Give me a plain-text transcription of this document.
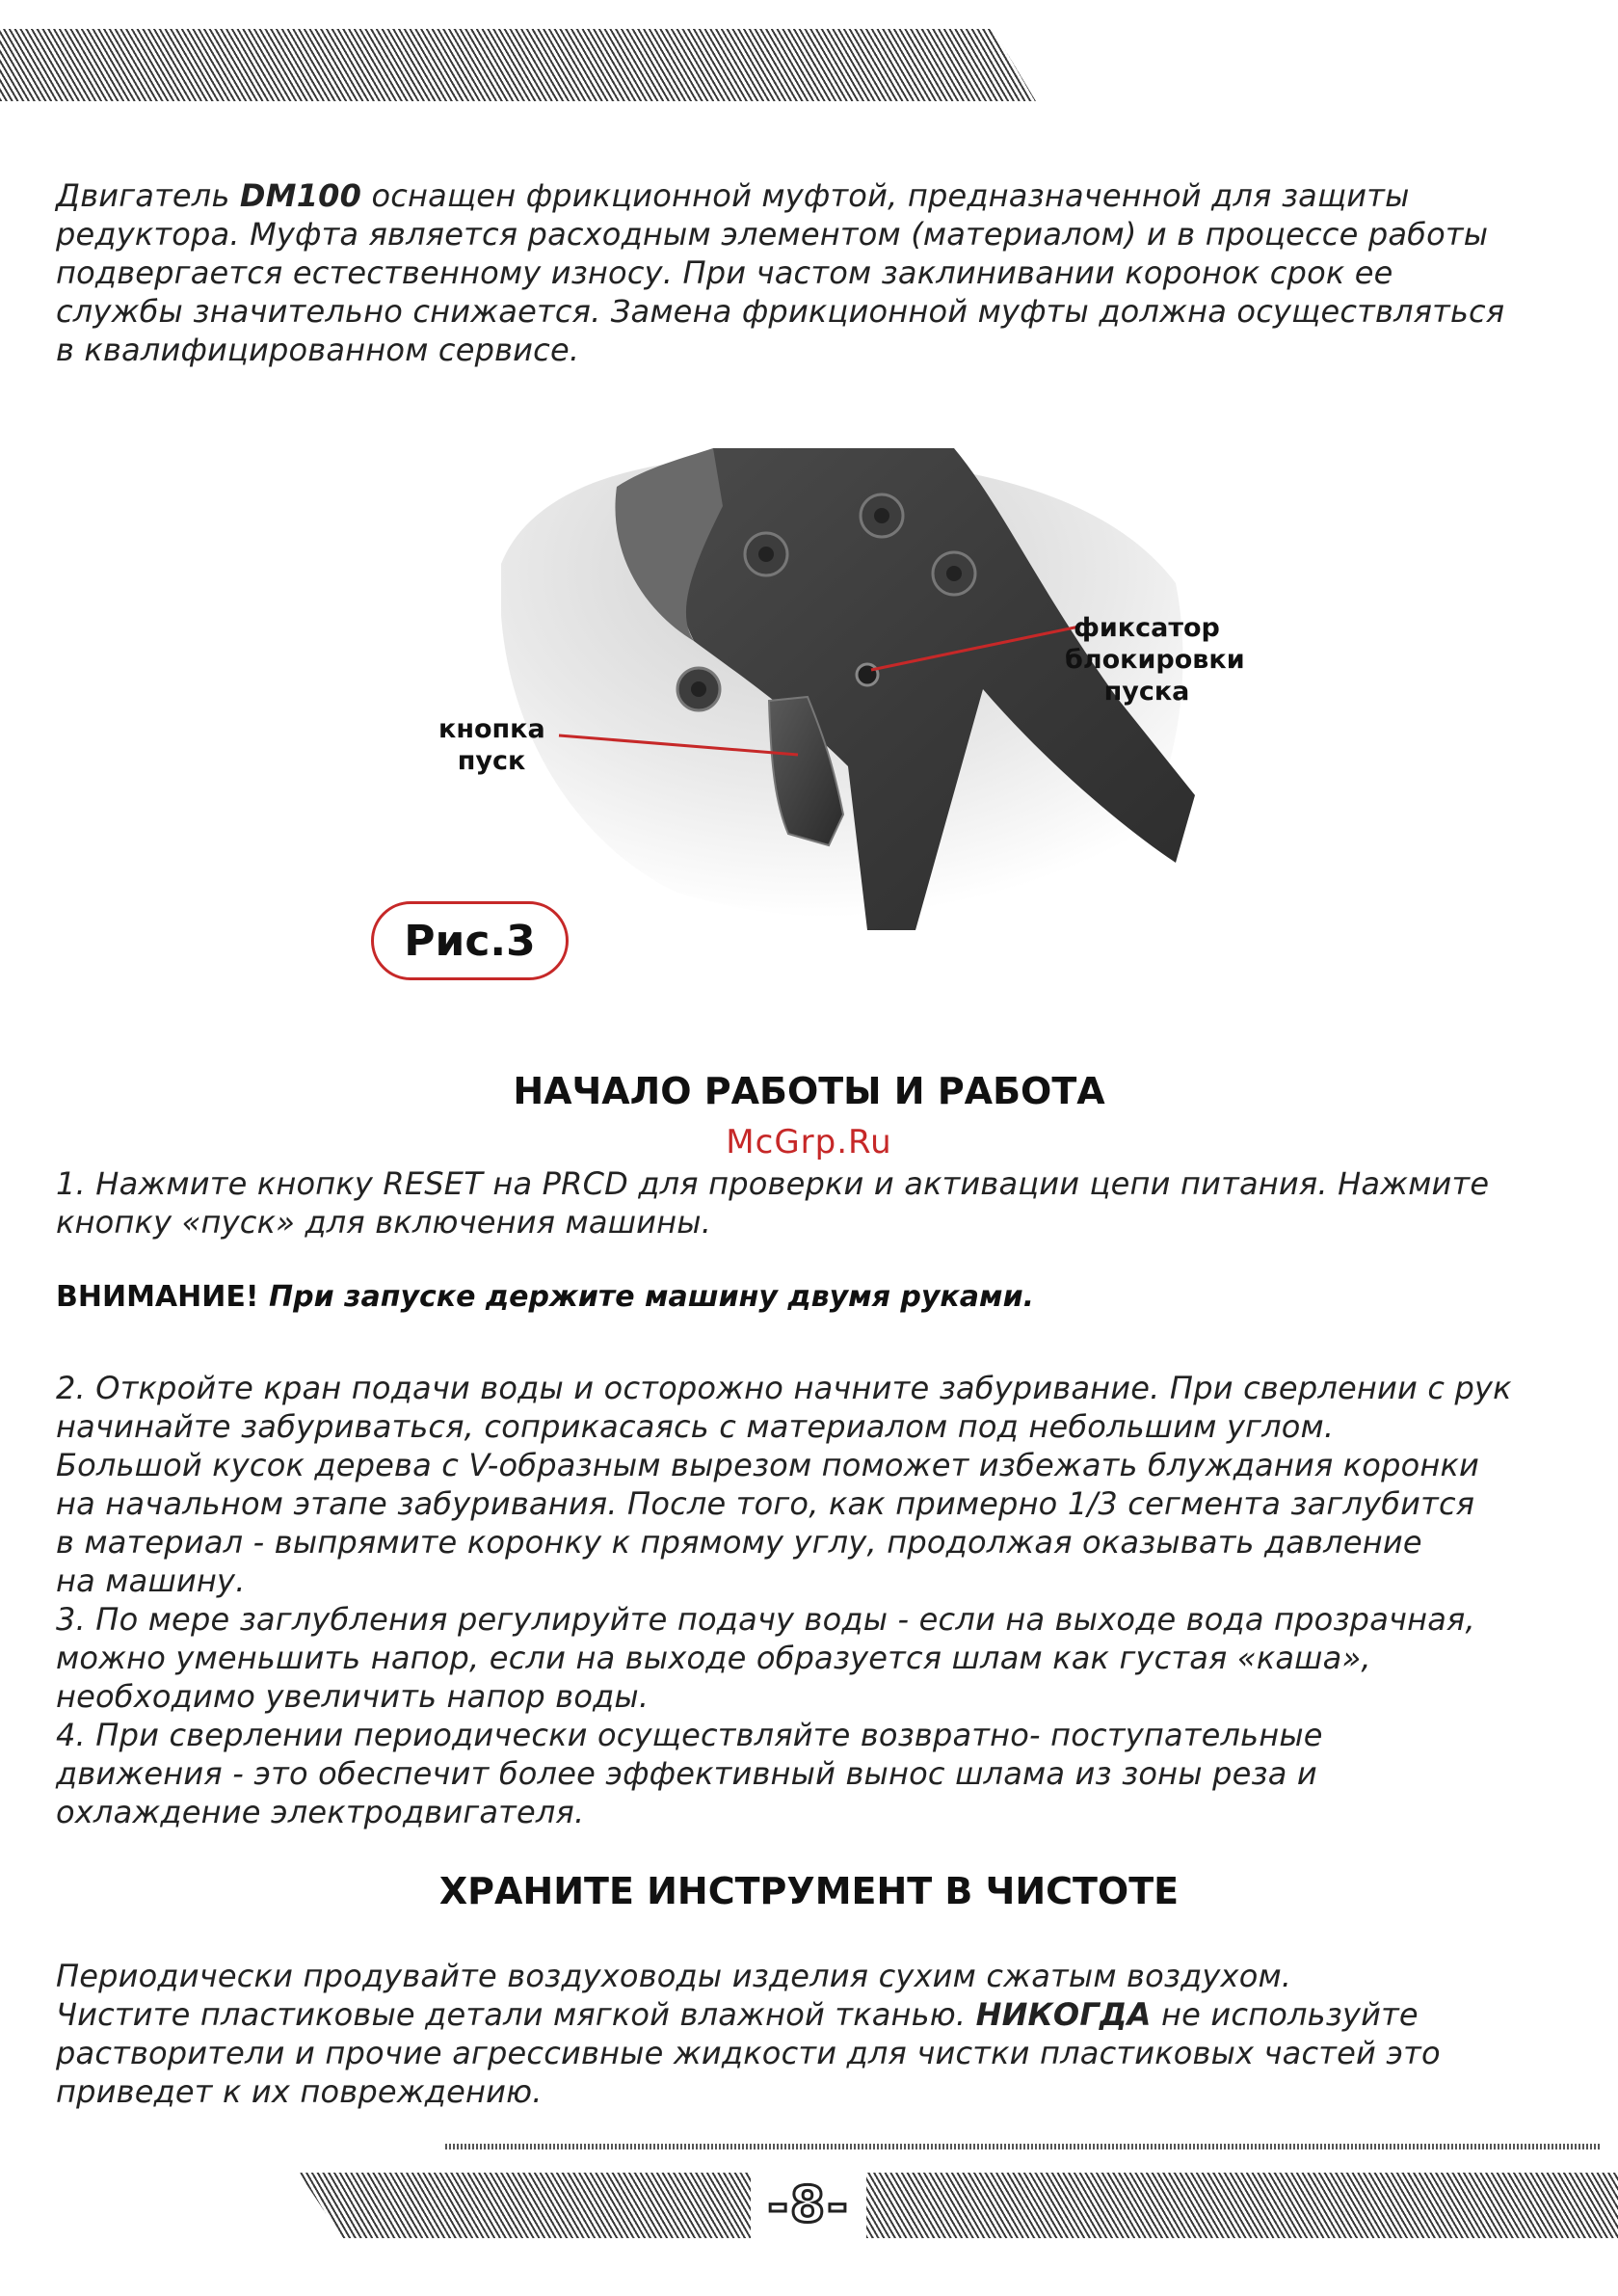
Двигатель DM100 оснащен фрикционной муфтой, предназначенной для защиты
редуктора. Муфта является расходным элементом (материалом) и в процессе работы
подвергается естественному износу. При частом заклинивании коронок срок ее
службы значительно снижается. Замена фрикционной муфты должна осуществляться
в квалифицированном сервисе.
кнопка
пуск
фиксатор
блокировки
пуска
Рис.3
НАЧАЛО РАБОТЫ И РАБОТА
McGrp.Ru
1. Нажмите кнопку RESET на PRCD для проверки и активации цепи питания. Нажмите
кнопку «пуск» для включения машины.
ВНИМАНИЕ! При запуске держите машину двумя руками.
2. Откройте кран подачи воды и осторожно начните забуривание. При сверлении с рук
начинайте забуриваться, соприкасаясь с материалом под небольшим углом.
Большой кусок дерева с V-образным вырезом поможет избежать блуждания коронки
на начальном этапе забуривания. После того, как примерно 1/3 сегмента заглубится
в материал - выпрямите коронку к прямому углу, продолжая оказывать давление
на машину.
3. По мере заглубления регулируйте подачу воды - если на выходе вода прозрачная,
можно уменьшить напор, если на выходе образуется шлам как густая «каша»,
необходимо увеличить напор воды.
4. При сверлении периодически осуществляйте возвратно- поступательные
движения - это обеспечит более эффективный вынос шлама из зоны реза и
охлаждение электродвигателя.
ХРАНИТЕ ИНСТРУМЕНТ В ЧИСТОТЕ
Периодически продувайте воздуховоды изделия сухим сжатым воздухом.
Чистите пластиковые детали мягкой влажной тканью. НИКОГДА не используйте
растворители и прочие агрессивные жидкости для чистки пластиковых частей это
приведет к их повреждению.
-8-
